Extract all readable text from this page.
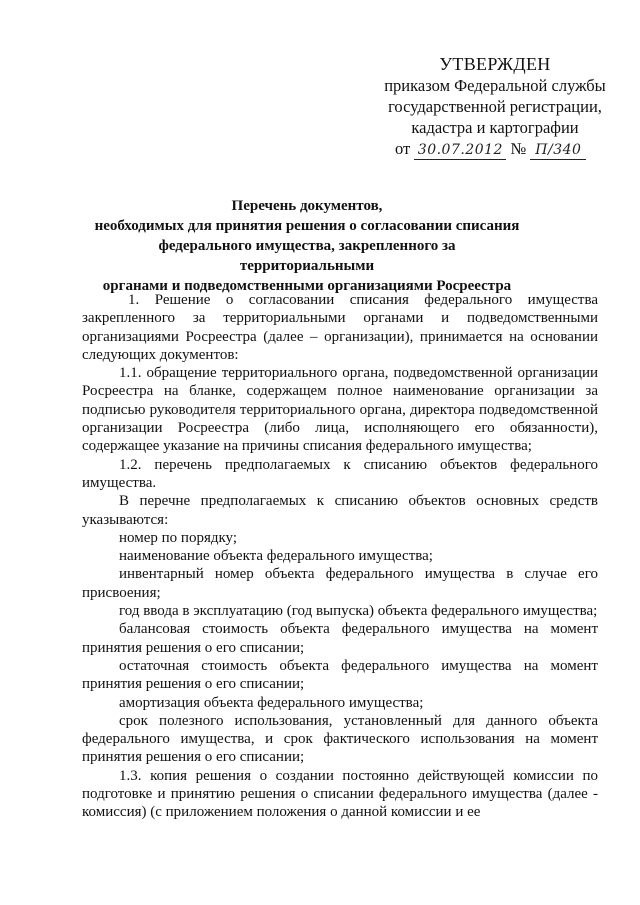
УТВЕРЖДЕН
приказом Федеральной службы
государственной регистрации,
кадастра и картографии
от 30.07.2012 № П/340
Перечень документов,
необходимых для принятия решения о согласовании списания
федерального имущества, закрепленного за территориальными
органами и подведомственными организациями Росреестра

1. Решение о согласовании списания федерального имущества закрепленного за территориальными органами и подведомственными организациями Росреестра (далее – организации), принимается на основании следующих документов:

1.1. обращение территориального органа, подведомственной организации Росреестра на бланке, содержащем полное наименование организации за подписью руководителя территориального органа, директора подведомственной организации Росреестра (либо лица, исполняющего его обязанности), содержащее указание на причины списания федерального имущества;

1.2. перечень предполагаемых к списанию объектов федерального имущества.

В перечне предполагаемых к списанию объектов основных средств указываются:

номер по порядку;

наименование объекта федерального имущества;

инвентарный номер объекта федерального имущества в случае его присвоения;

год ввода в эксплуатацию (год выпуска) объекта федерального имущества;

балансовая стоимость объекта федерального имущества на момент принятия решения о его списании;

остаточная стоимость объекта федерального имущества на момент принятия решения о его списании;

амортизация объекта федерального имущества;

срок полезного использования, установленный для данного объекта федерального имущества, и срок фактического использования на момент принятия решения о его списании;

1.3. копия решения о создании постоянно действующей комиссии по подготовке и принятию решения о списании федерального имущества (далее - комиссия) (с приложением положения о данной комиссии и ее
